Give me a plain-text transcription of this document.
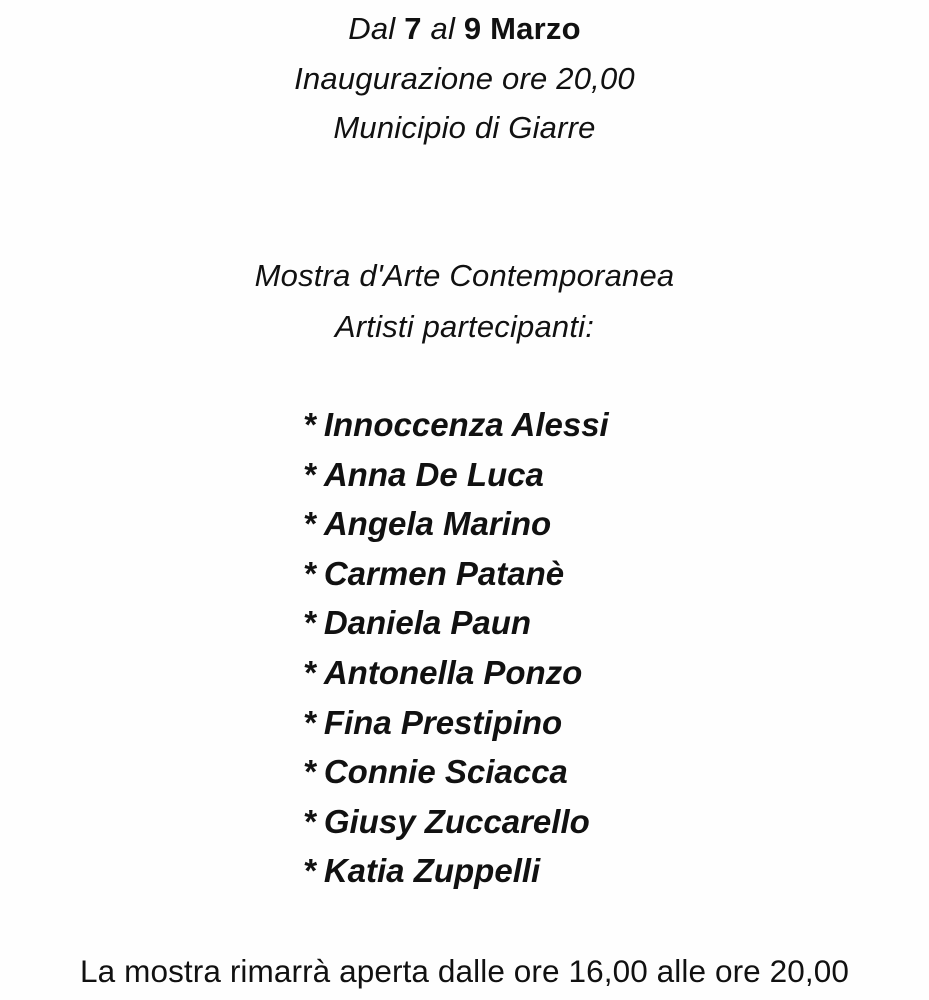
Dal 7 al 9 Marzo
Inaugurazione ore 20,00
Municipio di Giarre
Mostra d'Arte Contemporanea
Artisti partecipanti:
* Innoccenza Alessi
* Anna De Luca
* Angela Marino
* Carmen Patanè
* Daniela Paun
* Antonella Ponzo
* Fina Prestipino
* Connie Sciacca
* Giusy Zuccarello
* Katia Zuppelli
La mostra rimarrà aperta dalle ore 16,00 alle ore 20,00
